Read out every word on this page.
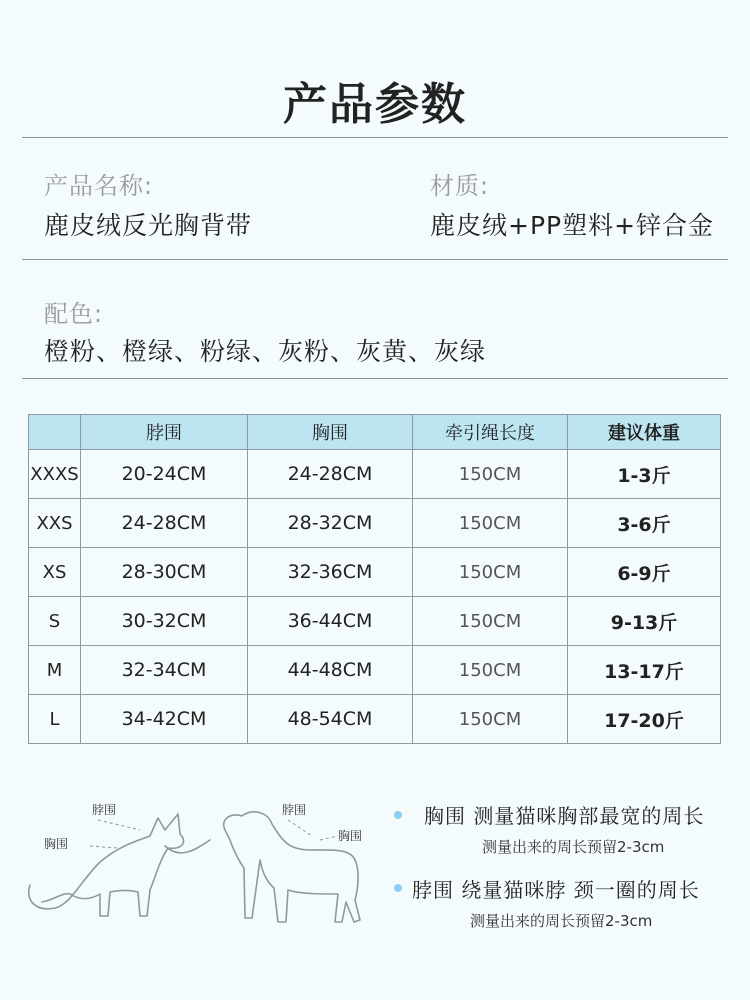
产品参数
产品名称:
鹿皮绒反光胸背带
材质:
鹿皮绒+PP塑料+锌合金
配色:
橙粉、橙绿、粉绿、灰粉、灰黄、灰绿
	脖围	胸围	牵引绳长度	建议体重
XXXS	20-24CM	24-28CM	150CM	1-3斤
XXS	24-28CM	28-32CM	150CM	3-6斤
XS	28-30CM	32-36CM	150CM	6-9斤
S	30-32CM	36-44CM	150CM	9-13斤
M	32-34CM	44-48CM	150CM	13-17斤
L	34-42CM	48-54CM	150CM	17-20斤
脖围
胸围
脖围
胸围
胸围 测量猫咪胸部最宽的周长
测量出来的周长预留2-3cm
脖围 绕量猫咪脖 颈一圈的周长
测量出来的周长预留2-3cm
